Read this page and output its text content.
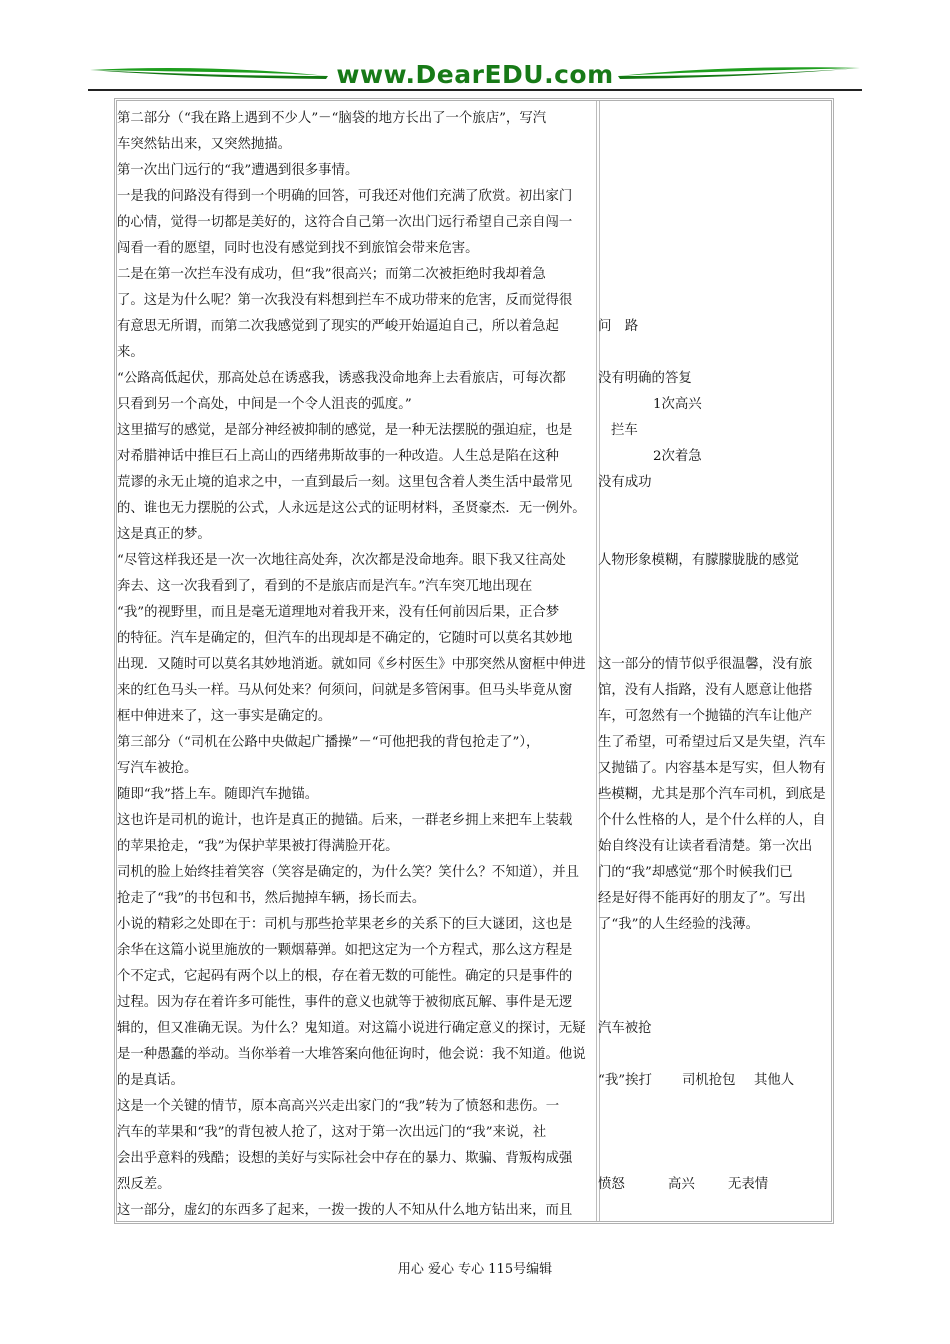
www.DearEDU.com
第二部分（“我在路上遇到不少人”－“脑袋的地方长出了一个旅店”，写汽
车突然钻出来，又突然抛描。
第一次出门远行的“我”遭遇到很多事情。
一是我的问路没有得到一个明确的回答，可我还对他们充满了欣赏。初出家门
的心情，觉得一切都是美好的，这符合自己第一次出门远行希望自己亲自闯一
闯看一看的愿望，同时也没有感觉到找不到旅馆会带来危害。
二是在第一次拦车没有成功，但“我”很高兴；而第二次被拒绝时我却着急
了。这是为什么呢？第一次我没有料想到拦车不成功带来的危害，反而觉得很
有意思无所谓，而第二次我感觉到了现实的严峻开始逼迫自己，所以着急起
来。
“公路高低起伏，那高处总在诱惑我，诱惑我没命地奔上去看旅店，可每次都
只看到另一个高处，中间是一个令人沮丧的弧度。”
这里描写的感觉，是部分神经被抑制的感觉，是一种无法摆脱的强迫症，也是
对希腊神话中推巨石上高山的西绪弗斯故事的一种改造。人生总是陷在这种
荒谬的永无止境的追求之中，一直到最后一刻。这里包含着人类生活中最常见
的、谁也无力摆脱的公式，人永远是这公式的证明材料，圣贤豪杰．无一例外。
这是真正的梦。
“尽管这样我还是一次一次地往高处奔，次次都是没命地奔。眼下我又往高处
奔去、这一次我看到了，看到的不是旅店而是汽车。”汽车突兀地出现在
“我”的视野里，而且是毫无道理地对着我开来，没有任何前因后果，正合梦
的特征。汽车是确定的，但汽车的出现却是不确定的，它随时可以莫名其妙地
出现．又随时可以莫名其妙地消逝。就如同《乡村医生》中那突然从窗框中伸进
来的红色马头一样。马从何处来？何须问，问就是多管闲事。但马头毕竟从窗
框中伸进来了，这一事实是确定的。
第三部分（“司机在公路中央做起广播操”－“可他把我的背包抢走了”），
写汽车被抢。
随即“我”搭上车。随即汽车抛锚。
这也许是司机的诡计，也许是真正的抛锚。后来，一群老乡拥上来把车上装载
的苹果抢走，“我”为保护苹果被打得满脸开花。
司机的脸上始终挂着笑容（笑容是确定的，为什么笑？笑什么？不知道），并且
抢走了“我”的书包和书，然后抛掉车辆，扬长而去。
小说的精彩之处即在于：司机与那些抢苹果老乡的关系下的巨大谜团，这也是
余华在这篇小说里施放的一颗烟幕弹。如把这定为一个方程式，那么这方程是
个不定式，它起码有两个以上的根，存在着无数的可能性。确定的只是事件的
过程。因为存在着许多可能性，事件的意义也就等于被彻底瓦解、事件是无逻
辑的，但又准确无误。为什么？鬼知道。对这篇小说进行确定意义的探讨，无疑
是一种愚蠢的举动。当你举着一大堆答案向他征询时，他会说：我不知道。他说
的是真话。
这是一个关键的情节，原本高高兴兴走出家门的“我”转为了愤怒和悲伤。一
汽车的苹果和“我”的背包被人抢了，这对于第一次出远门的“我”来说，社
会出乎意料的残酷；设想的美好与实际社会中存在的暴力、欺骗、背叛构成强
烈反差。
这一部分，虚幻的东西多了起来，一拨一拨的人不知从什么地方钻出来，而且
问　路
没有明确的答复
1次高兴
拦车
2次着急
没有成功
人物形象模糊，有朦朦胧胧的感觉
这一部分的情节似乎很温馨，没有旅
馆，没有人指路，没有人愿意让他搭
车，可忽然有一个抛锚的汽车让他产
生了希望，可希望过后又是失望，汽车
又抛锚了。内容基本是写实，但人物有
些模糊，尤其是那个汽车司机，到底是
个什么性格的人，是个什么样的人，自
始自终没有让读者看清楚。第一次出
门的“我”却感觉“那个时候我们已
经是好得不能再好的朋友了”。写出
了“我”的人生经验的浅薄。
汽车被抢
“我”挨打 司机抢包 其他人
愤怒	高兴 无表情
用心 爱心 专心 115号编辑
